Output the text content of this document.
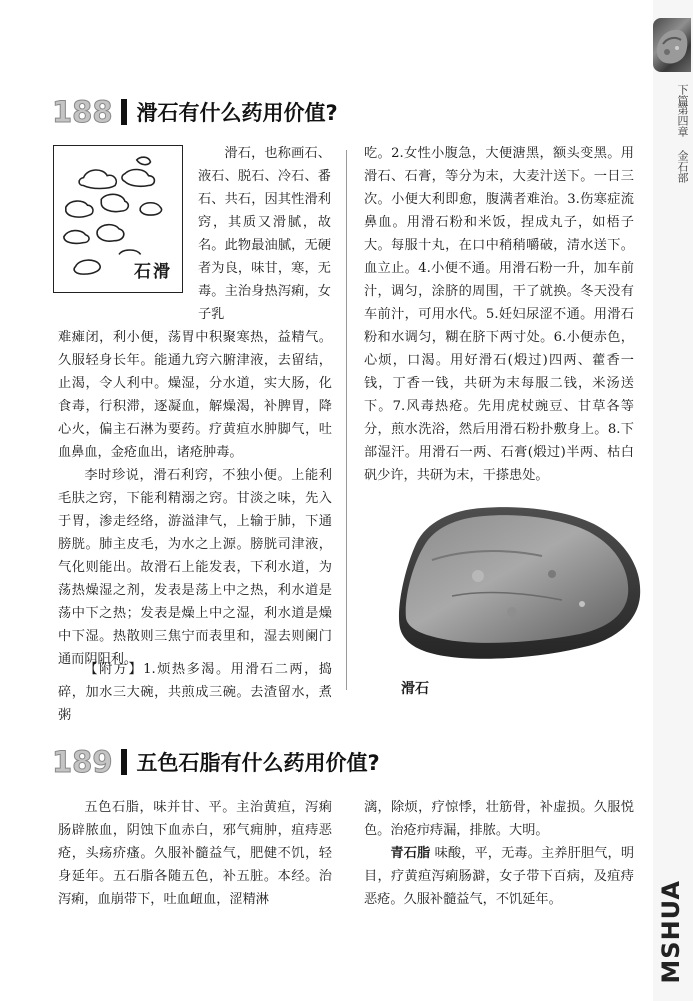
下篇
第四章
金石部
MSHUA
188 滑石有什么药用价值?
石滑
滑石，也称画石、液石、脱石、冷石、番石、共石，因其性滑利窍，其质又滑腻，故名。此物最油腻，无硬者为良，味甘，寒，无毒。主治身热泻痢，女子乳
难瘫闭，利小便，荡胃中积聚寒热，益精气。久服轻身长年。能通九窍六腑津液，去留结，止渴，令人利中。燥湿，分水道，实大肠，化食毒，行积滞，逐凝血，解燥渴，补脾胃，降心火，偏主石淋为要药。疗黄疸水肿脚气，吐血鼻血，金疮血出，诸疮肿毒。
李时珍说，滑石利窍，不独小便。上能利毛肤之窍，下能利精溺之窍。甘淡之味，先入于胃，渗走经络，游溢津气，上输于肺，下通膀胱。肺主皮毛，为水之上源。膀胱司津液，气化则能出。故滑石上能发表，下利水道，为荡热燥湿之剂，发表是荡上中之热，利水道是荡中下之热；发表是燥上中之湿，利水道是燥中下湿。热散则三焦宁而表里和，湿去则阑门通而阴阳利。
【附方】1.烦热多渴。用滑石二两，捣碎，加水三大碗，共煎成三碗。去渣留水，煮粥
吃。2.女性小腹急，大便溏黑，额头变黑。用滑石、石膏，等分为末，大麦汁送下。一日三次。小便大利即愈，腹满者难治。3.伤寒症流鼻血。用滑石粉和米饭，捏成丸子，如梧子大。每服十丸，在口中稍稍嚼破，清水送下。血立止。4.小便不通。用滑石粉一升，加车前汁，调匀，涂脐的周围，干了就换。冬天没有车前汁，可用水代。5.妊妇尿涩不通。用滑石粉和水调匀，糊在脐下两寸处。6.小便赤色，心烦，口渴。用好滑石(煅过)四两、藿香一钱，丁香一钱，共研为末每服二钱，米汤送下。7.风毒热疮。先用虎杖豌豆、甘草各等分，煎水洗浴，然后用滑石粉扑敷身上。8.下部湿汗。用滑石一两、石膏(煅过)半两、枯白矾少许，共研为末，干搽患处。
滑石
189 五色石脂有什么药用价值?
五色石脂，味并甘、平。主治黄疸，泻痢肠辟脓血，阴蚀下血赤白，邪气痈肿，疽痔恶疮，头疡疥瘙。久服补髓益气，肥健不饥，轻身延年。五石脂各随五色，补五脏。本经。治泻痢，血崩带下，吐血衄血，涩精淋
漓，除烦，疗惊悸，壮筋骨，补虚损。久服悦色。治疮疖痔漏，排脓。大明。
青石脂 味酸，平，无毒。主养肝胆气，明目，疗黄疸泻痢肠澼，女子带下百病，及疽痔恶疮。久服补髓益气，不饥延年。
